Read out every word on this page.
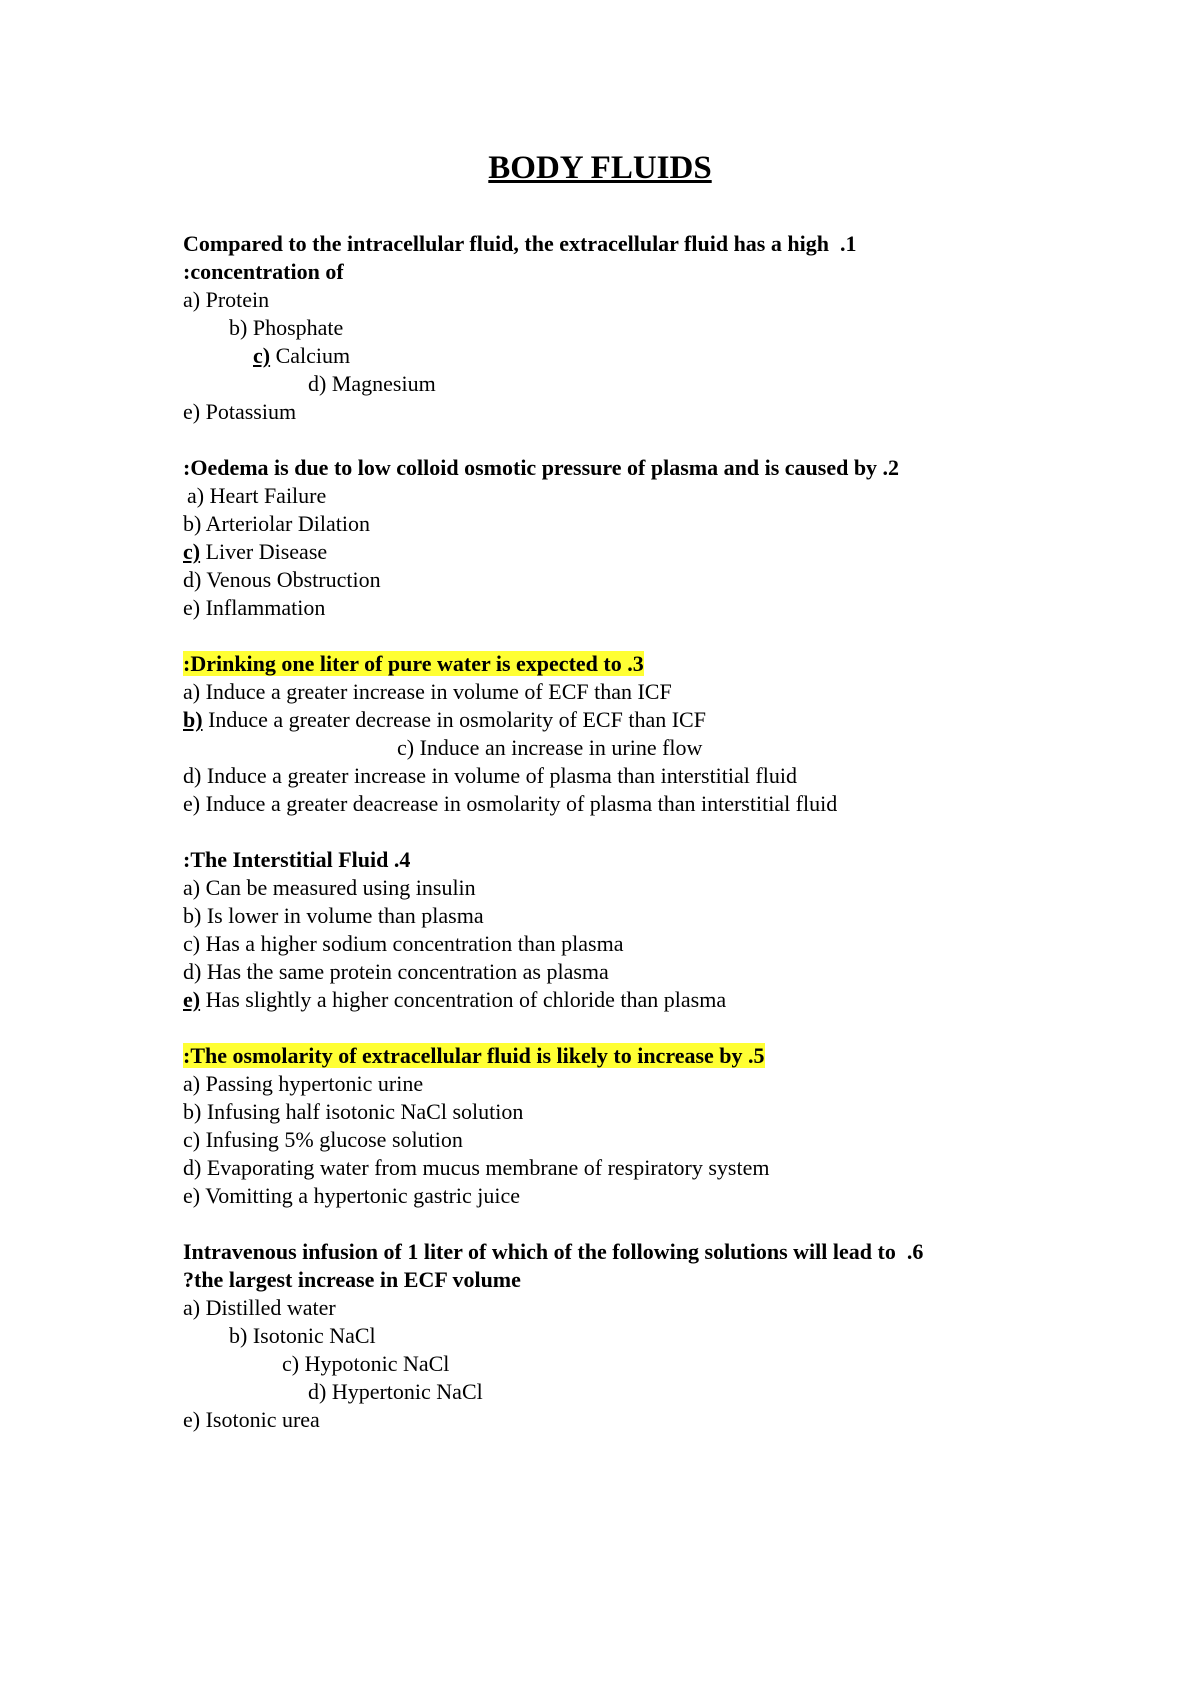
BODY FLUIDS
Compared to the intracellular fluid, the extracellular fluid has a high  .1
:concentration of
a) Protein
b) Phosphate
c) Calcium
d) Magnesium
e) Potassium
:Oedema is due to low colloid osmotic pressure of plasma and is caused by .2
a) Heart Failure
b) Arteriolar Dilation
c) Liver Disease
d) Venous Obstruction
e) Inflammation
:Drinking one liter of pure water is expected to .3
a) Induce a greater increase in volume of ECF than ICF
b) Induce a greater decrease in osmolarity of ECF than ICF
c) Induce an increase in urine flow
d) Induce a greater increase in volume of plasma than interstitial fluid
e) Induce a greater deacrease in osmolarity of plasma than interstitial fluid
:The Interstitial Fluid .4
a) Can be measured using insulin
b) Is lower in volume than plasma
c) Has a higher sodium concentration than plasma
d) Has the same protein concentration as plasma
e) Has slightly a higher concentration of chloride than plasma
:The osmolarity of extracellular fluid is likely to increase by .5
a) Passing hypertonic urine
b) Infusing half isotonic NaCl solution
c) Infusing 5% glucose solution
d) Evaporating water from mucus membrane of respiratory system
e) Vomitting a hypertonic gastric juice
Intravenous infusion of 1 liter of which of the following solutions will lead to  .6
?the largest increase in ECF volume
a) Distilled water
b) Isotonic NaCl
c) Hypotonic NaCl
d) Hypertonic NaCl
e) Isotonic urea
